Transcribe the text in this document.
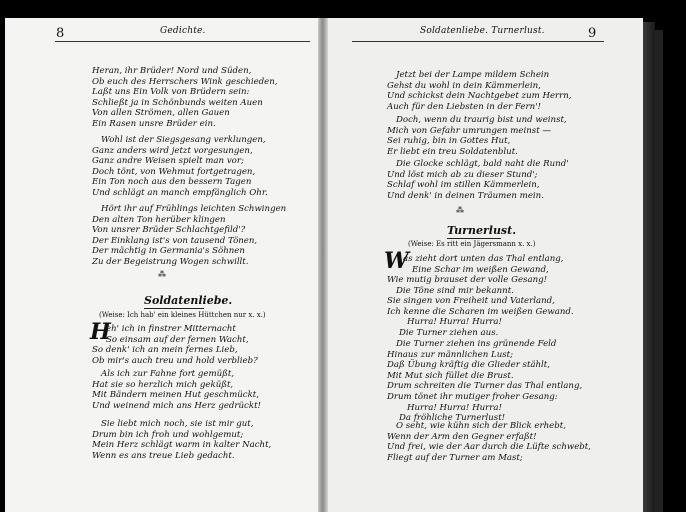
8	Gedichte.
Heran, ihr Brüder! Nord und Süden,
Ob euch des Herrschers Wink geschieden,
Laßt uns Ein Volk von Brüdern sein:
Schließt ja in Schönbunds weiten Auen
Von allen Strömen, allen Gauen
Ein Rasen unsre Brüder ein.
Wohl ist der Siegsgesang verklungen,
Ganz anders wird jetzt vorgesungen,
Ganz andre Weisen spielt man vor;
Doch tönt, von Wehmut fortgetragen,
Ein Ton noch aus den bessern Tagen
Und schlägt an manch empfänglich Ohr.
Hört ihr auf Frühlings leichten Schwingen
Den alten Ton herüber klingen
Von unsrer Brüder Schlachtgefild'?
Der Einklang ist's von tausend Tönen,
Der mächtig in Germania's Söhnen
Zu der Begeistrung Wogen schwillt.
⁂
Soldatenliebe.
(Weise: Ich hab' ein kleines Hüttchen nur x. x.)
H
eh' ich in finstrer Mitternacht
So einsam auf der fernen Wacht,
So denk' ich an mein fernes Lieb,
Ob mir's auch treu und hold verblieb?
Als ich zur Fahne fort gemüßt,
Hat sie so herzlich mich geküßt,
Mit Bändern meinen Hut geschmückt,
Und weinend mich ans Herz gedrückt!
Sie liebt mich noch, sie ist mir gut,
Drum bin ich froh und wohlgemut;
Mein Herz schlägt warm in kalter Nacht,
Wenn es ans treue Lieb gedacht.
Soldatenliebe. Turnerlust.	9
Jetzt bei der Lampe mildem Schein
Gehst du wohl in dein Kämmerlein,
Und schickst dein Nachtgebet zum Herrn,
Auch für den Liebsten in der Fern'!
Doch, wenn du traurig bist und weinst,
Mich von Gefahr umrungen meinst —
Sei ruhig, bin in Gottes Hut,
Er liebt ein treu Soldatenblut.
Die Glocke schlägt, bald naht die Rund'
Und löst mich ab zu dieser Stund';
Schlaf wohl im stillen Kämmerlein,
Und denk' in deinen Träumen mein.
⁂
Turnerlust.
(Weise: Es ritt ein Jägersmann x. x.)
W
as zieht dort unten das Thal entlang,
Eine Schar im weißen Gewand,
Wie mutig brauset der volle Gesang!
Die Töne sind mir bekannt.
Sie singen von Freiheit und Vaterland,
Ich kenne die Scharen im weißen Gewand.
Hurra! Hurra! Hurra!
Die Turner ziehen aus.
Die Turner ziehen ins grünende Feld
Hinaus zur männlichen Lust;
Daß Übung kräftig die Glieder stählt,
Mit Mut sich füllet die Brust.
Drum schreiten die Turner das Thal entlang,
Drum tönet ihr mutiger froher Gesang:
Hurra! Hurra! Hurra!
Da fröhliche Turnerlust!
O seht, wie kühn sich der Blick erhebt,
Wenn der Arm den Gegner erfaßt!
Und frei, wie der Aar durch die Lüfte schwebt,
Fliegt auf der Turner am Mast;
